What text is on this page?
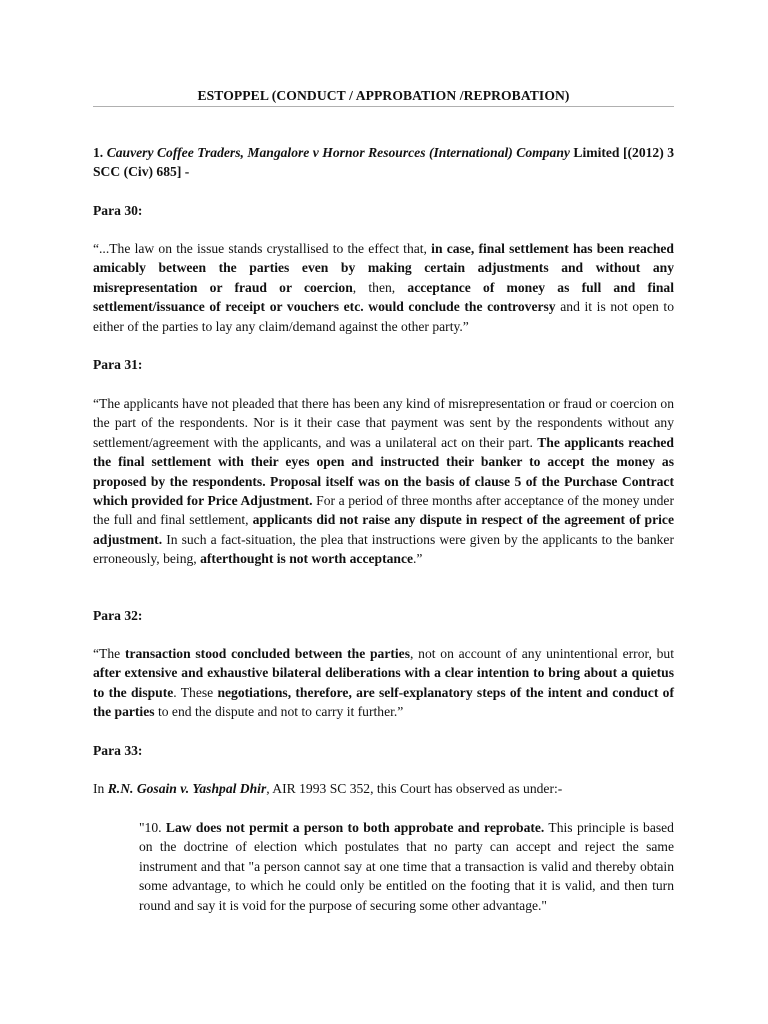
ESTOPPEL (CONDUCT / APPROBATION /REPROBATION)

1. Cauvery Coffee Traders, Mangalore v Hornor Resources (International) Company Limited [(2012) 3 SCC (Civ) 685] -

Para 30:

“...The law on the issue stands crystallised to the effect that, in case, final settlement has been reached amicably between the parties even by making certain adjustments and without any misrepresentation or fraud or coercion, then, acceptance of money as full and final settlement/issuance of receipt or vouchers etc. would conclude the controversy and it is not open to either of the parties to lay any claim/demand against the other party.”

Para 31:

“The applicants have not pleaded that there has been any kind of misrepresentation or fraud or coercion on the part of the respondents. Nor is it their case that payment was sent by the respondents without any settlement/agreement with the applicants, and was a unilateral act on their part. The applicants reached the final settlement with their eyes open and instructed their banker to accept the money as proposed by the respondents. Proposal itself was on the basis of clause 5 of the Purchase Contract which provided for Price Adjustment. For a period of three months after acceptance of the money under the full and final settlement, applicants did not raise any dispute in respect of the agreement of price adjustment. In such a fact-situation, the plea that instructions were given by the applicants to the banker erroneously, being, afterthought is not worth acceptance.”

Para 32:

“The transaction stood concluded between the parties, not on account of any unintentional error, but after extensive and exhaustive bilateral deliberations with a clear intention to bring about a quietus to the dispute. These negotiations, therefore, are self-explanatory steps of the intent and conduct of the parties to end the dispute and not to carry it further.”

Para 33:

In R.N. Gosain v. Yashpal Dhir, AIR 1993 SC 352, this Court has observed as under:-

"10. Law does not permit a person to both approbate and reprobate. This principle is based on the doctrine of election which postulates that no party can accept and reject the same instrument and that "a person cannot say at one time that a transaction is valid and thereby obtain some advantage, to which he could only be entitled on the footing that it is valid, and then turn round and say it is void for the purpose of securing some other advantage."
